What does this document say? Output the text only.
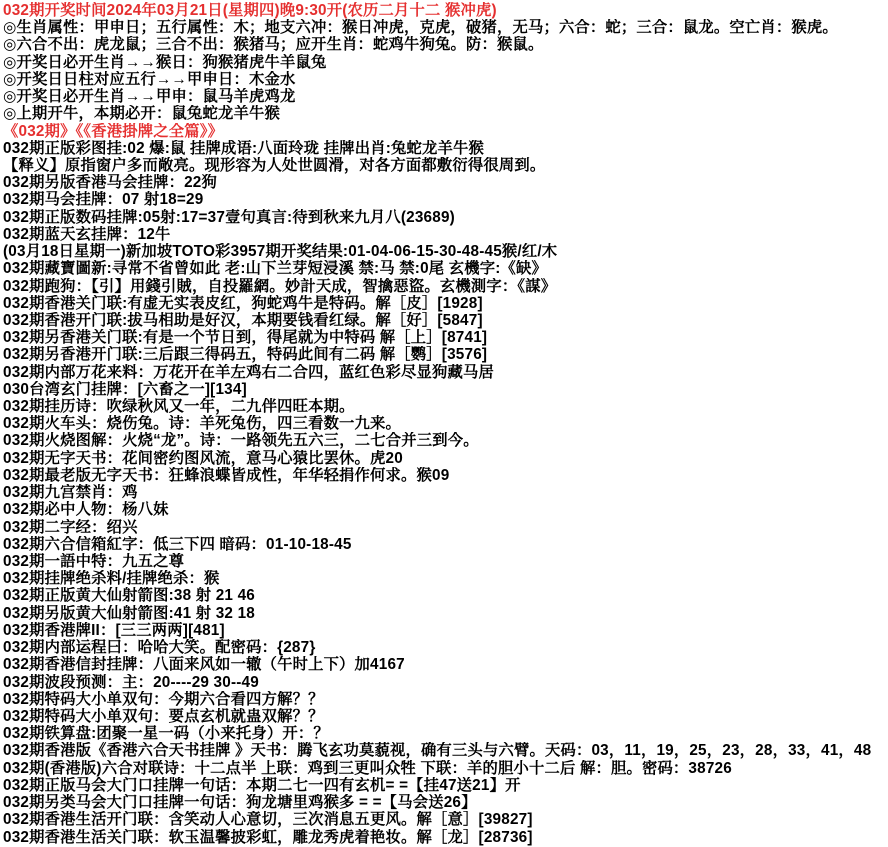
032期开奖时间2024年03月21日(星期四)晚9:30开(农历二月十二 猴冲虎)
◎生肖属性：甲申日；五行属性：木；地支六冲：猴日冲虎，克虎，破猪，无马；六合：蛇；三合：鼠龙。空亡肖：猴虎。
◎六合不出：虎龙鼠；三合不出：猴猪马；应开生肖：蛇鸡牛狗兔。防：猴鼠。
◎开奖日必开生肖→→猴日：狗猴猪虎牛羊鼠兔
◎开奖日日柱对应五行→→甲申日：木金水
◎开奖日必开生肖→→甲申：鼠马羊虎鸡龙
◎上期开牛，本期必开：鼠兔蛇龙羊牛猴
《032期》《《香港掛牌之全篇》》
032期正版彩图挂:02 爆:鼠 挂牌成语:八面玲珑 挂牌出肖:兔蛇龙羊牛猴
【释义】原指窗户多而敞亮。现形容为人处世圆滑，对各方面都敷衍得很周到。
032期另版香港马会挂牌：22狗
032期马会挂牌：07 射18=29
032期正版数码挂牌:05射:17=37壹句真言:待到秋来九月八(23689)
032期蓝天玄挂牌：12牛
(03月18日星期一)新加坡TOTO彩3957期开奖结果:01-04-06-15-30-48-45猴/红/木
032期藏寶圖新:寻常不省曾如此 老:山下兰芽短浸溪 禁:马 禁:0尾 玄機字:《缺》
032期跑狗：【引】用錢引賊，自投羅網。妙計天成，智擒惡盜。玄機測字：《謀》
032期香港关门联:有虚无实表皮红，狗蛇鸡牛是特码。解［皮］[1928]
032期香港开门联:拔马相助是好汉，本期要钱看红绿。解［好］[5847]
032期另香港关门联:有是一个节日到，得尾就为中特码 解［上］[8741]
032期另香港开门联:三后跟三得码五，特码此间有二码 解［鹦］[3576]
032期内部万花来料：万花开在羊左鸡右二合四，蓝红色彩尽显狗藏马居
030台湾玄门挂牌：[六畜之一][134]
032期挂历诗：吹绿秋风又一年，二九伴四旺本期。
032期火车头：烧伤兔。诗：羊死兔伤，四三看数一九来。
032期火烧图解：火烧“龙”。诗：一路领先五六三，二七合并三到今。
032期无字天书：花间密约图风流，意马心猿比罢休。虎20
032期最老版无字天书：狂蜂浪蝶皆成性，年华轻捐作何求。猴09
032期九宫禁肖：鸡
032期必中人物：杨八妹
032期二字经：绍兴
032期六合信箱紅字：低三下四 暗码：01-10-18-45
032期一語中特：九五之尊
032期挂牌绝杀料/挂牌绝杀：猴
032期正版黄大仙射箭图:38 射 21 46
032期另版黄大仙射箭图:41 射 32 18
032期香港牌II：[三三两两][481]
032期内部运程曰：哈哈大笑。配密码：{287}
032期香港信封挂牌：八面来风如一辙（午时上下）加4167
032期波段预测：主：20----29 30--49
032期特码大小单双句：今期六合看四方解？？
032期特码大小单双句：要点玄机就蛊双解？？
032期铁算盘:团聚一星一码（小来托身）开：？
032期香港版《香港六合天书挂牌 》天书：腾飞玄功莫藐视，确有三头与六臂。天码：03，11，19，25，23，28，33，41，48
032期(香港版)六合对联诗：十二点半 上联：鸡到三更叫众牲 下联：羊的胆小十二后 解：胆。密码：38726
032期正版马会大门口挂牌一句话：本期二七一四有玄机= =【挂47送21】开
032期另类马会大门口挂牌一句话：狗龙塘里鸡猴多 = =【马会送26】
032期香港生活开门联：含笑动人心意切，三次消息五更风。解［意］[39827]
032期香港生活关门联：软玉温馨披彩虹，雕龙秀虎着艳妆。解［龙］[28736]
